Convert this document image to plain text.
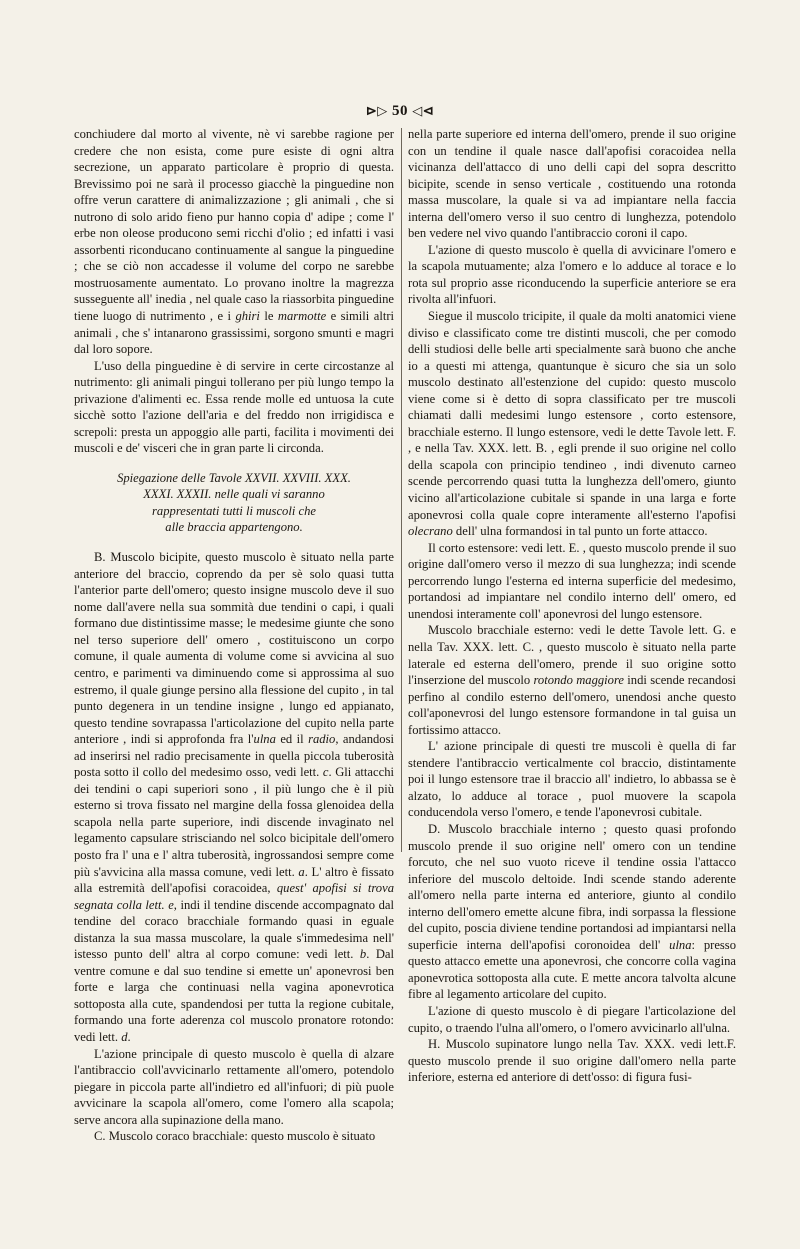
⊳▷ 50 ◁⊲

conchiudere dal morto al vivente, nè vi sarebbe ragione per credere che non esista, come pure esiste di ogni altra secrezione, un apparato particolare è proprio di questa. Brevissimo poi ne sarà il processo giacchè la pinguedine non offre verun carattere di animalizzazione ; gli animali , che si nutrono di solo arido fieno pur hanno copia d' adipe ; come l' erbe non oleose producono semi ricchi d'olio ; ed infatti i vasi assorbenti riconducano continuamente al sangue la pinguedine ; che se ciò non accadesse il volume del corpo ne sarebbe mostruosamente aumentato. Lo provano inoltre la magrezza susseguente all' inedia , nel quale caso la riassorbita pinguedine tiene luogo di nutrimento , e i ghiri le marmotte e simili altri animali , che s' intanarono grassissimi, sorgono smunti e magri dal loro sopore.

L'uso della pinguedine è di servire in certe circostanze al nutrimento: gli animali pingui tollerano per più lungo tempo la privazione d'alimenti ec. Essa rende molle ed untuosa la cute sicchè sotto l'azione dell'aria e del freddo non irrigidisca e screpoli: presta un appoggio alle parti, facilita i movimenti dei muscoli e de' visceri che in gran parte li circonda.

Spiegazione delle Tavole XXVII. XXVIII. XXX.
XXXI. XXXII. nelle quali vi saranno
rappresentati tutti li muscoli che
alle braccia appartengono.

B. Muscolo bicipite, questo muscolo è situato nella parte anteriore del braccio, coprendo da per sè solo quasi tutta l'anterior parte dell'omero; questo insigne muscolo deve il suo nome dall'avere nella sua sommità due tendini o capi, i quali formano due distintissime masse; le medesime giunte che sono nel terso superiore dell' omero , costituiscono un corpo comune, il quale aumenta di volume come si avvicina al suo centro, e parimenti va diminuendo come si approssima al suo estremo, il quale giunge persino alla flessione del cupito , in tal punto degenera in un tendine insigne , lungo ed appianato, questo tendine sovrapassa l'articolazione del cupito nella parte anteriore , indi si approfonda fra l'ulna ed il radio, andandosi ad inserirsi nel radio precisamente in quella piccola tuberosità posta sotto il collo del medesimo osso, vedi lett. c. Gli attacchi dei tendini o capi superiori sono , il più lungo che è il più esterno si trova fissato nel margine della fossa glenoidea della scapola nella parte superiore, indi discende invaginato nel legamento capsulare strisciando nel solco bicipitale dell'omero posto fra l' una e l' altra tuberosità, ingrossandosi sempre come più s'avvicina alla massa comune, vedi lett. a. L' altro è fissato alla estremità dell'apofisi coracoidea, quest' apofisi si trova segnata colla lett. e, indi il tendine discende accompagnato dal tendine del coraco bracchiale formando quasi in eguale distanza la sua massa muscolare, la quale s'immedesima nell' istesso punto dell' altra al corpo comune: vedi lett. b. Dal ventre comune e dal suo tendine si emette un' aponevrosi ben forte e larga che continuasi nella vagina aponevrotica sottoposta alla cute, spandendosi per tutta la regione cubitale, formando una forte aderenza col muscolo pronatore rotondo: vedi lett. d.

L'azione principale di questo muscolo è quella di alzare l'antibraccio coll'avvicinarlo rettamente all'omero, potendolo piegare in piccola parte all'indietro ed all'infuori; di più puole avvicinare la scapola all'omero, come l'omero alla scapola; serve ancora alla supinazione della mano.

C. Muscolo coraco bracchiale: questo muscolo è situato

nella parte superiore ed interna dell'omero, prende il suo origine con un tendine il quale nasce dall'apofisi coracoidea nella vicinanza dell'attacco di uno delli capi del sopra descritto bicipite, scende in senso verticale , costituendo una rotonda massa muscolare, la quale si va ad impiantare nella faccia interna dell'omero verso il suo centro di lunghezza, potendolo ben vedere nel vivo quando l'antibraccio coroni il capo.

L'azione di questo muscolo è quella di avvicinare l'omero e la scapola mutuamente; alza l'omero e lo adduce al torace e lo rota sul proprio asse riconducendo la superficie anteriore se era rivolta all'infuori.

Siegue il muscolo tricipite, il quale da molti anatomici viene diviso e classificato come tre distinti muscoli, che per comodo delli studiosi delle belle arti specialmente sarà buono che anche io a questi mi attenga, quantunque è sicuro che sia un solo muscolo destinato all'estenzione del cupido: questo muscolo viene come si è detto di sopra classificato per tre muscoli chiamati dalli medesimi lungo estensore , corto estensore, bracchiale esterno. Il lungo estensore, vedi le dette Tavole lett. F. , e nella Tav. XXX. lett. B. , egli prende il suo origine nel collo della scapola con principio tendineo , indi divenuto carneo scende percorrendo quasi tutta la lunghezza dell'omero, giunto vicino all'articolazione cubitale si spande in una larga e forte aponevrosi colla quale copre interamente all'esterno l'apofisi olecrano dell' ulna formandosi in tal punto un forte attacco.

Il corto estensore: vedi lett. E. , questo muscolo prende il suo origine dall'omero verso il mezzo di sua lunghezza; indi scende percorrendo lungo l'esterna ed interna superficie del medesimo, portandosi ad impiantare nel condilo interno dell' omero, ed unendosi interamente coll' aponevrosi del lungo estensore.

Muscolo bracchiale esterno: vedi le dette Tavole lett. G. e nella Tav. XXX. lett. C. , questo muscolo è situato nella parte laterale ed esterna dell'omero, prende il suo origine sotto l'inserzione del muscolo rotondo maggiore indi scende recandosi perfino al condilo esterno dell'omero, unendosi anche questo coll'aponevrosi del lungo estensore formandone in tal guisa un fortissimo attacco.

L' azione principale di questi tre muscoli è quella di far stendere l'antibraccio verticalmente col braccio, distintamente poi il lungo estensore trae il braccio all' indietro, lo abbassa se è alzato, lo adduce al torace , puol muovere la scapola conducendola verso l'omero, e tende l'aponevrosi cubitale.

D. Muscolo bracchiale interno ; questo quasi profondo muscolo prende il suo origine nell' omero con un tendine forcuto, che nel suo vuoto riceve il tendine ossia l'attacco inferiore del muscolo deltoide. Indi scende stando aderente all'omero nella parte interna ed anteriore, giunto al condilo interno dell'omero emette alcune fibra, indi sorpassa la flessione del cupito, poscia diviene tendine portandosi ad impiantarsi nella superficie interna dell'apofisi coronoidea dell' ulna: presso questo attacco emette una aponevrosi, che concorre colla vagina aponevrotica sottoposta alla cute. E mette ancora talvolta alcune fibre al legamento articolare del cupito.

L'azione di questo muscolo è di piegare l'articolazione del cupito, o traendo l'ulna all'omero, o l'omero avvicinarlo all'ulna.

H. Muscolo supinatore lungo nella Tav. XXX. vedi lett.F. questo muscolo prende il suo origine dall'omero nella parte inferiore, esterna ed anteriore di dett'osso: di figura fusi-
